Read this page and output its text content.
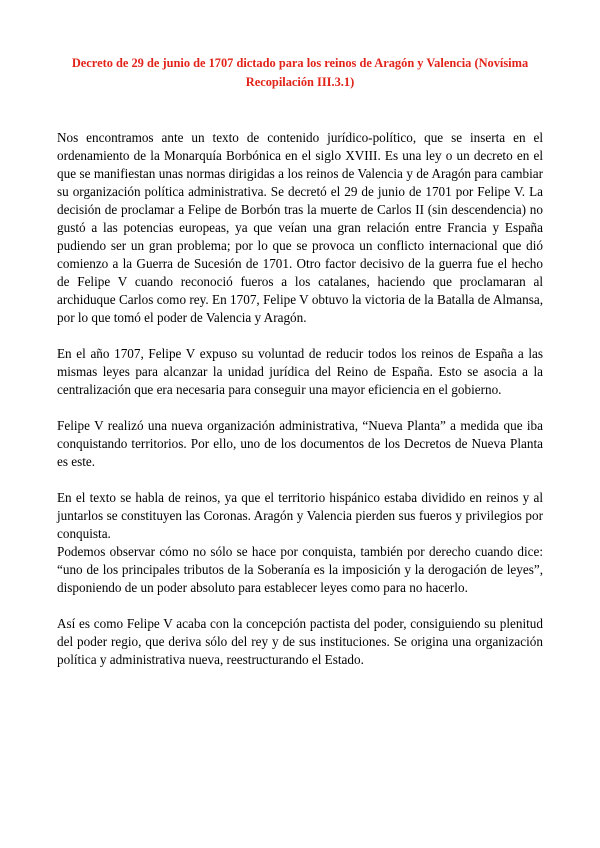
Decreto de 29 de junio de 1707 dictado para los reinos de Aragón y Valencia (Novísima Recopilación III.3.1)

Nos encontramos ante un texto de contenido jurídico-político, que se inserta en el ordenamiento de la Monarquía Borbónica en el siglo XVIII. Es una ley o un decreto en el que se manifiestan unas normas dirigidas a los reinos de Valencia y de Aragón para cambiar su organización política administrativa. Se decretó el 29 de junio de 1701 por Felipe V. La decisión de proclamar a Felipe de Borbón tras la muerte de Carlos II (sin descendencia) no gustó a las potencias europeas, ya que veían una gran relación entre Francia y España pudiendo ser un gran problema; por lo que se provoca un conflicto internacional que dió comienzo a la Guerra de Sucesión de 1701. Otro factor decisivo de la guerra fue el hecho de Felipe V cuando reconoció fueros a los catalanes, haciendo que proclamaran al archiduque Carlos como rey. En 1707, Felipe V obtuvo la victoria de la Batalla de Almansa, por lo que tomó el poder de Valencia y Aragón.

En el año 1707, Felipe V expuso su voluntad de reducir todos los reinos de España a las mismas leyes para alcanzar la unidad jurídica del Reino de España. Esto se asocia a la centralización que era necesaria para conseguir una mayor eficiencia en el gobierno.

Felipe V realizó una nueva organización administrativa, “Nueva Planta” a medida que iba conquistando territorios. Por ello, uno de los documentos de los Decretos de Nueva Planta es este.

En el texto se habla de reinos, ya que el territorio hispánico estaba dividido en reinos y al juntarlos se constituyen las Coronas. Aragón y Valencia pierden sus fueros y privilegios por conquista.

Podemos observar cómo no sólo se hace por conquista, también por derecho cuando dice: “uno de los principales tributos de la Soberanía es la imposición y la derogación de leyes”, disponiendo de un poder absoluto para establecer leyes como para no hacerlo.

Así es como Felipe V acaba con la concepción pactista del poder, consiguiendo su plenitud del poder regio, que deriva sólo del rey y de sus instituciones. Se origina una organización política y administrativa nueva, reestructurando el Estado.
